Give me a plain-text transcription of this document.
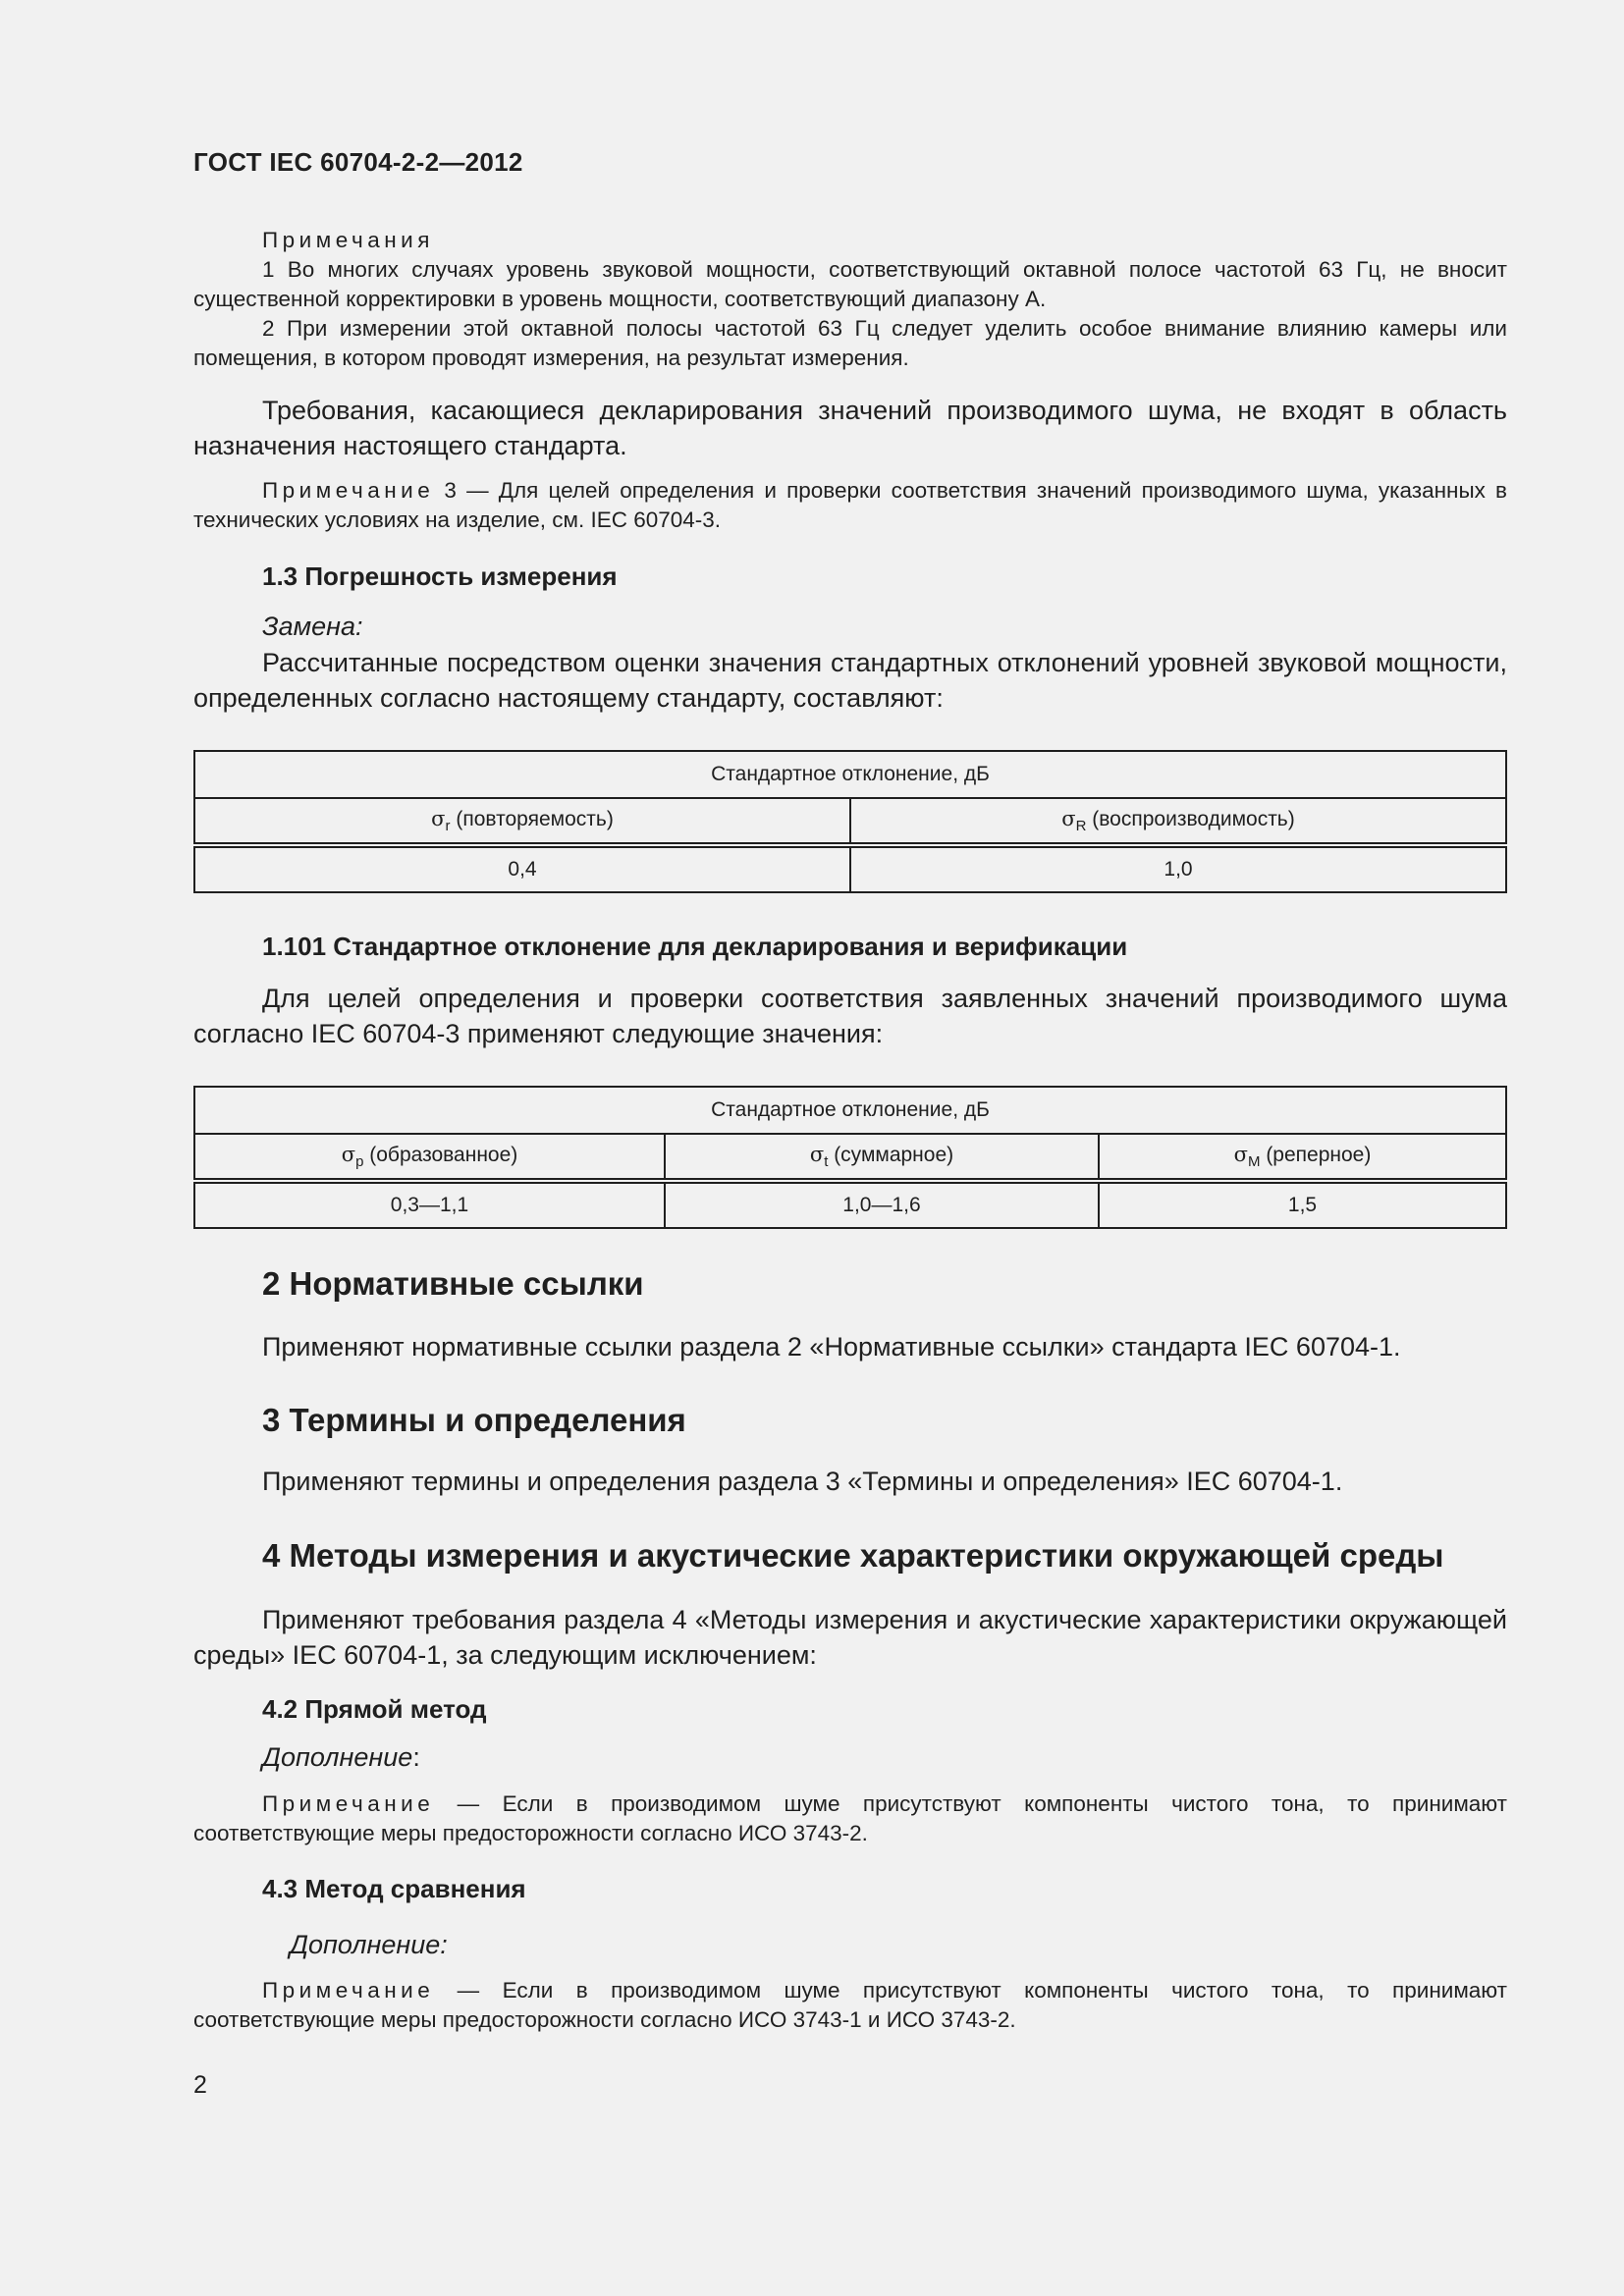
ГОСТ IEC 60704-2-2—2012

Примечания

1 Во многих случаях уровень звуковой мощности, соответствующий октавной полосе частотой 63 Гц, не вносит существенной корректировки в уровень мощности, соответствующий диапазону А.

2 При измерении этой октавной полосы частотой 63 Гц следует уделить особое внимание влиянию камеры или помещения, в котором проводят измерения, на результат измерения.

Требования, касающиеся декларирования значений производимого шума, не входят в область назначения настоящего стандарта.

Примечание 3 — Для целей определения и проверки соответствия значений производимого шума, указанных в технических условиях на изделие, см. IEC 60704-3.

1.3 Погрешность измерения

Замена:

Рассчитанные посредством оценки значения стандартных отклонений уровней звуковой мощности, определенных согласно настоящему стандарту, составляют:

Стандартное отклонение, дБ	
$\sigma_r$ (повторяемость)	$\sigma_R$ (воспроизводимость)
0,4	1,0
1.101 Стандартное отклонение для декларирования и верификации

Для целей определения и проверки соответствия заявленных значений производимого шума согласно IEC 60704-3 применяют следующие значения:

Стандартное отклонение, дБ		
$\sigma_p$ (образованное)	$\sigma_t$ (суммарное)	$\sigma_M$ (реперное)
0,3—1,1	1,0—1,6	1,5
2 Нормативные ссылки

Применяют нормативные ссылки раздела 2 «Нормативные ссылки» стандарта IEC 60704-1.

3 Термины и определения

Применяют термины и определения раздела 3 «Термины и определения» IEC 60704-1.

4 Методы измерения и акустические характеристики окружающей среды

Применяют требования раздела 4 «Методы измерения и акустические характеристики окружающей среды» IEC 60704-1, за следующим исключением:

4.2 Прямой метод

Дополнение:

Примечание — Если в производимом шуме присутствуют компоненты чистого тона, то принимают соответствующие меры предосторожности согласно ИСО 3743-2.

4.3 Метод сравнения

Дополнение:

Примечание — Если в производимом шуме присутствуют компоненты чистого тона, то принимают соответствующие меры предосторожности согласно ИСО 3743-1 и ИСО 3743-2.

2
